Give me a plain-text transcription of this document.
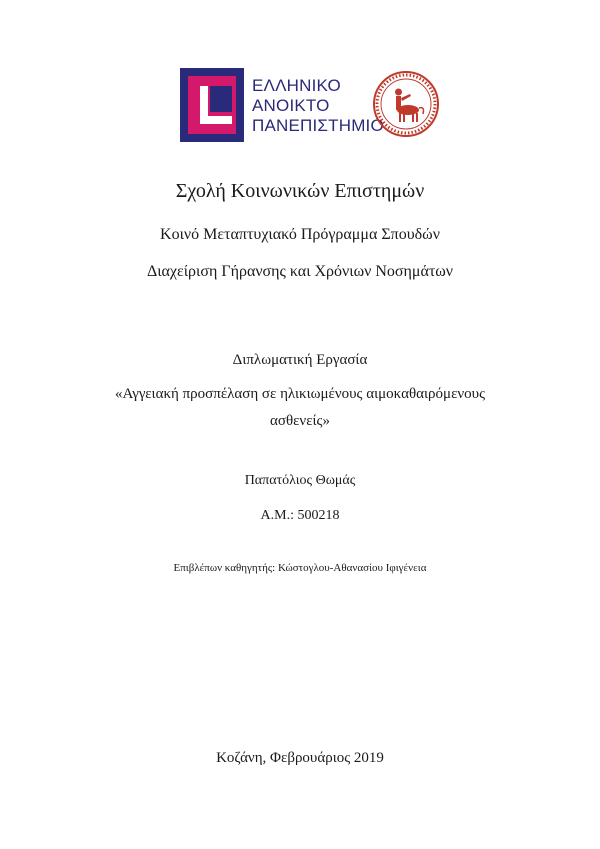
ΕΛΛΗΝΙΚΟ
ΑΝΟΙΚΤΟ
ΠΑΝΕΠΙΣΤΗΜΙΟ
Σχολή Κοινωνικών Επιστημών
Κοινό Μεταπτυχιακό Πρόγραμμα Σπουδών
Διαχείριση Γήρανσης και Χρόνιων Νοσημάτων
Διπλωματική Εργασία
«Αγγειακή προσπέλαση σε ηλικιωμένους αιμοκαθαιρόμενους
ασθενείς»
Παπατόλιος Θωμάς
Α.Μ.: 500218
Επιβλέπων καθηγητής: Κώστογλου-Αθανασίου Ιφιγένεια
Κοζάνη, Φεβρουάριος 2019
